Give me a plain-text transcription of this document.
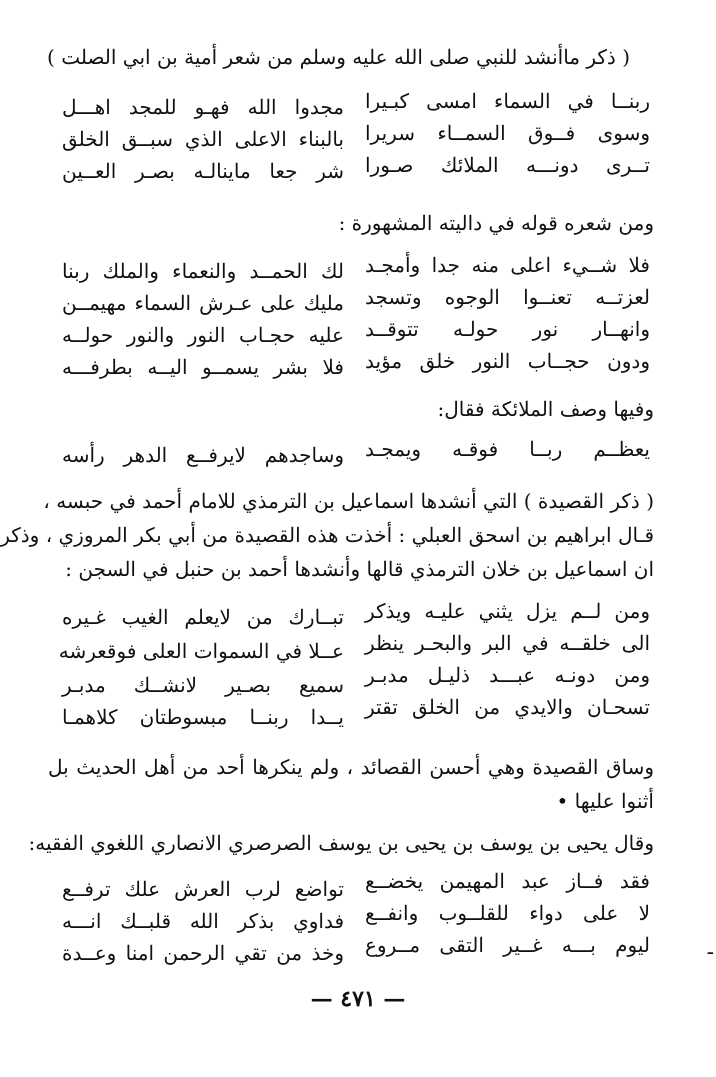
( ذكر ماأنشد للنبي صلى الله عليه وسلم من شعر أمية بن ابي الصلت )
مجدوا الله فهـو للمجد اهـــل ربنــا في السماء امسى كبـيرا
بالبناء الاعلى الذي سبــق الخلق وسوى فــوق السمــاء سريرا
شر جعا ماينالـه بصـر العــين تــرى دونـــه الملائك صـورا
ومن شعره قوله في داليته المشهورة :
لك الحمــد والنعماء والملك ربنا فلا شــيء اعلى منه جدا وأمجـد
مليك على عـرش السماء مهيمــن لعزتــه تعنــوا الوجوه وتسجد
عليه حجـاب النور والنور حولــه وانهــار نور حولـه تتوقــد
فلا بشر يسمــو اليــه بطرفـــه ودون حجــاب النور خلق مؤيد
وفيها وصف الملائكة فقال:
وساجدهم لايرفــع الدهر رأسه يعظــم ربــا فوقـه ويمجـد
( ذكر القصيدة ) التي أنشدها اسماعيل بن الترمذي للامام أحمد في حبسه ،
قـال ابراهيم بن اسحق العبلي : أخذت هذه القصيدة من أبي بكر المروزي ، وذكر
ان اسماعيل بن خلان الترمذي قالها وأنشدها أحمد بن حنبل في السجن :
تبــارك من لايعلم الغيب غـيره ومن لــم يزل يثني عليـه ويذكر
عــلا في السموات العلى فوقعرشه الى خلقــه في البر والبحـر ينظر
سميع بصـير لانشــك مدبـر ومن دونـه عبـــد ذليـل مدبـر
يــدا ربنــا مبسوطتان كلاهمـا تسحـان والايدي من الخلق تقتر
وساق القصيدة وهي أحسن القصائد ، ولم ينكرها أحد من أهل الحديث بل
أثنوا عليها •
وقال يحيى بن يوسف بن يحيى بن يوسف الصرصري الانصاري اللغوي الفقيه:
تواضع لرب العرش علك ترفــع فقد فــاز عبد المهيمن يخضــع
فداوي بذكر الله قلبــك انـــه لا على دواء للقلــوب وانفــع
وخذ من تقي الرحمن امنا وعــدة ليوم بـــه غــير التقى مــروع
— ٤٧١ —
-
